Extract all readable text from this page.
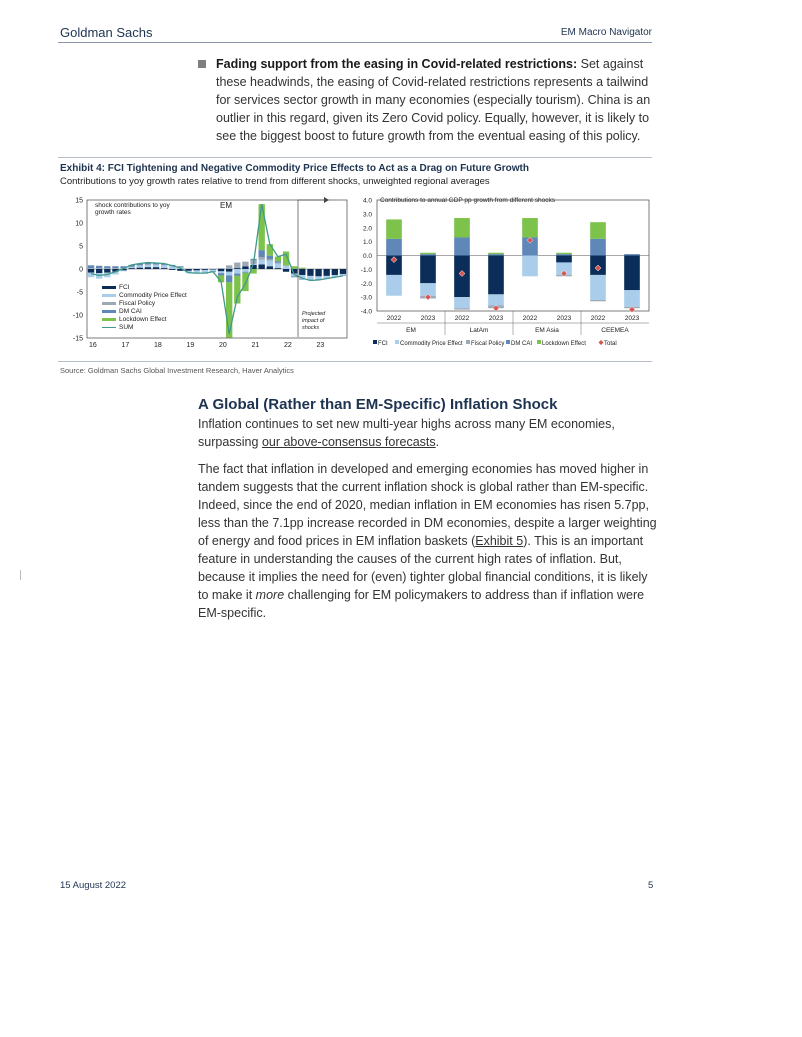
Goldman Sachs	EM Macro Navigator
Fading support from the easing in Covid-related restrictions: Set against these headwinds, the easing of Covid-related restrictions represents a tailwind for services sector growth in many economies (especially tourism). China is an outlier in this regard, given its Zero Covid policy. Equally, however, it is likely to see the biggest boost to future growth from the eventual easing of this policy.
Exhibit 4: FCI Tightening and Negative Commodity Price Effects to Act as a Drag on Future Growth
Contributions to yoy growth rates relative to trend from different shocks, unweighted regional averages
15
10
5
0
-5
-10
-15
16	17	18	19	20	21	22	23
shock contributions to yoy
growth rates
EM
Projected
impact of
shocks
FCI
Commodity Price Effect
Fiscal Policy
DM CAI
Lockdown Effect
SUM
Contributions to annual GDP pp growth from different shocks
4.0
3.0
2.0
1.0
0.0
-1.0
-2.0
-3.0
-4.0
2022	2023	2022	2023	2022	2023	2022	2023
EM	LatAm	EM Asia	CEEMEA
FCI Commodity Price Effect Fiscal Policy DM CAI Lockdown Effect	Total
Source: Goldman Sachs Global Investment Research, Haver Analytics
A Global (Rather than EM-Specific) Inflation Shock
Inflation continues to set new multi-year highs across many EM economies, surpassing our above-consensus forecasts.
The fact that inflation in developed and emerging economies has moved higher in tandem suggests that the current inflation shock is global rather than EM-specific. Indeed, since the end of 2020, median inflation in EM economies has risen 5.7pp, less than the 7.1pp increase recorded in DM economies, despite a larger weighting of energy and food prices in EM inflation baskets (Exhibit 5). This is an important feature in understanding the causes of the current high rates of inflation. But, because it implies the need for (even) tighter global financial conditions, it is likely to make it more challenging for EM policymakers to address than if inflation were EM-specific.
15 August 2022	5
